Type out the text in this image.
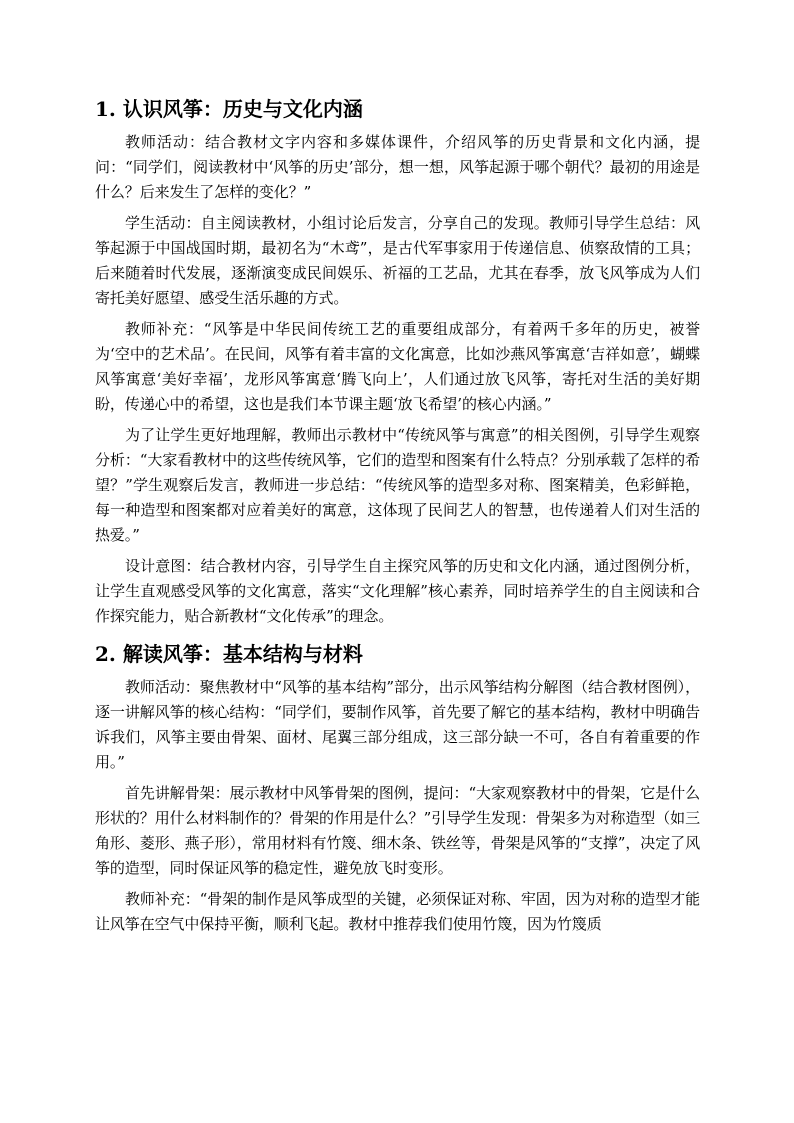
1. 认识风筝：历史与文化内涵

教师活动：结合教材文字内容和多媒体课件，介绍风筝的历史背景和文化内涵，提问：“同学们，阅读教材中‘风筝的历史’部分，想一想，风筝起源于哪个朝代？最初的用途是什么？后来发生了怎样的变化？”

学生活动：自主阅读教材，小组讨论后发言，分享自己的发现。教师引导学生总结：风筝起源于中国战国时期，最初名为“木鸢”，是古代军事家用于传递信息、侦察敌情的工具；后来随着时代发展，逐渐演变成民间娱乐、祈福的工艺品，尤其在春季，放飞风筝成为人们寄托美好愿望、感受生活乐趣的方式。

教师补充：“风筝是中华民间传统工艺的重要组成部分，有着两千多年的历史，被誉为‘空中的艺术品’。在民间，风筝有着丰富的文化寓意，比如沙燕风筝寓意‘吉祥如意’，蝴蝶风筝寓意‘美好幸福’，龙形风筝寓意‘腾飞向上’，人们通过放飞风筝，寄托对生活的美好期盼，传递心中的希望，这也是我们本节课主题‘放飞希望’的核心内涵。”

为了让学生更好地理解，教师出示教材中“传统风筝与寓意”的相关图例，引导学生观察分析：“大家看教材中的这些传统风筝，它们的造型和图案有什么特点？分别承载了怎样的希望？”学生观察后发言，教师进一步总结：“传统风筝的造型多对称、图案精美，色彩鲜艳，每一种造型和图案都对应着美好的寓意，这体现了民间艺人的智慧，也传递着人们对生活的热爱。”

设计意图：结合教材内容，引导学生自主探究风筝的历史和文化内涵，通过图例分析，让学生直观感受风筝的文化寓意，落实“文化理解”核心素养，同时培养学生的自主阅读和合作探究能力，贴合新教材“文化传承”的理念。

2. 解读风筝：基本结构与材料

教师活动：聚焦教材中“风筝的基本结构”部分，出示风筝结构分解图（结合教材图例），逐一讲解风筝的核心结构：“同学们，要制作风筝，首先要了解它的基本结构，教材中明确告诉我们，风筝主要由骨架、面材、尾翼三部分组成，这三部分缺一不可，各自有着重要的作用。”

首先讲解骨架：展示教材中风筝骨架的图例，提问：“大家观察教材中的骨架，它是什么形状的？用什么材料制作的？骨架的作用是什么？”引导学生发现：骨架多为对称造型（如三角形、菱形、燕子形），常用材料有竹篾、细木条、铁丝等，骨架是风筝的“支撑”，决定了风筝的造型，同时保证风筝的稳定性，避免放飞时变形。

教师补充：“骨架的制作是风筝成型的关键，必须保证对称、牢固，因为对称的造型才能让风筝在空气中保持平衡，顺利飞起。教材中推荐我们使用竹篾，因为竹篾质
